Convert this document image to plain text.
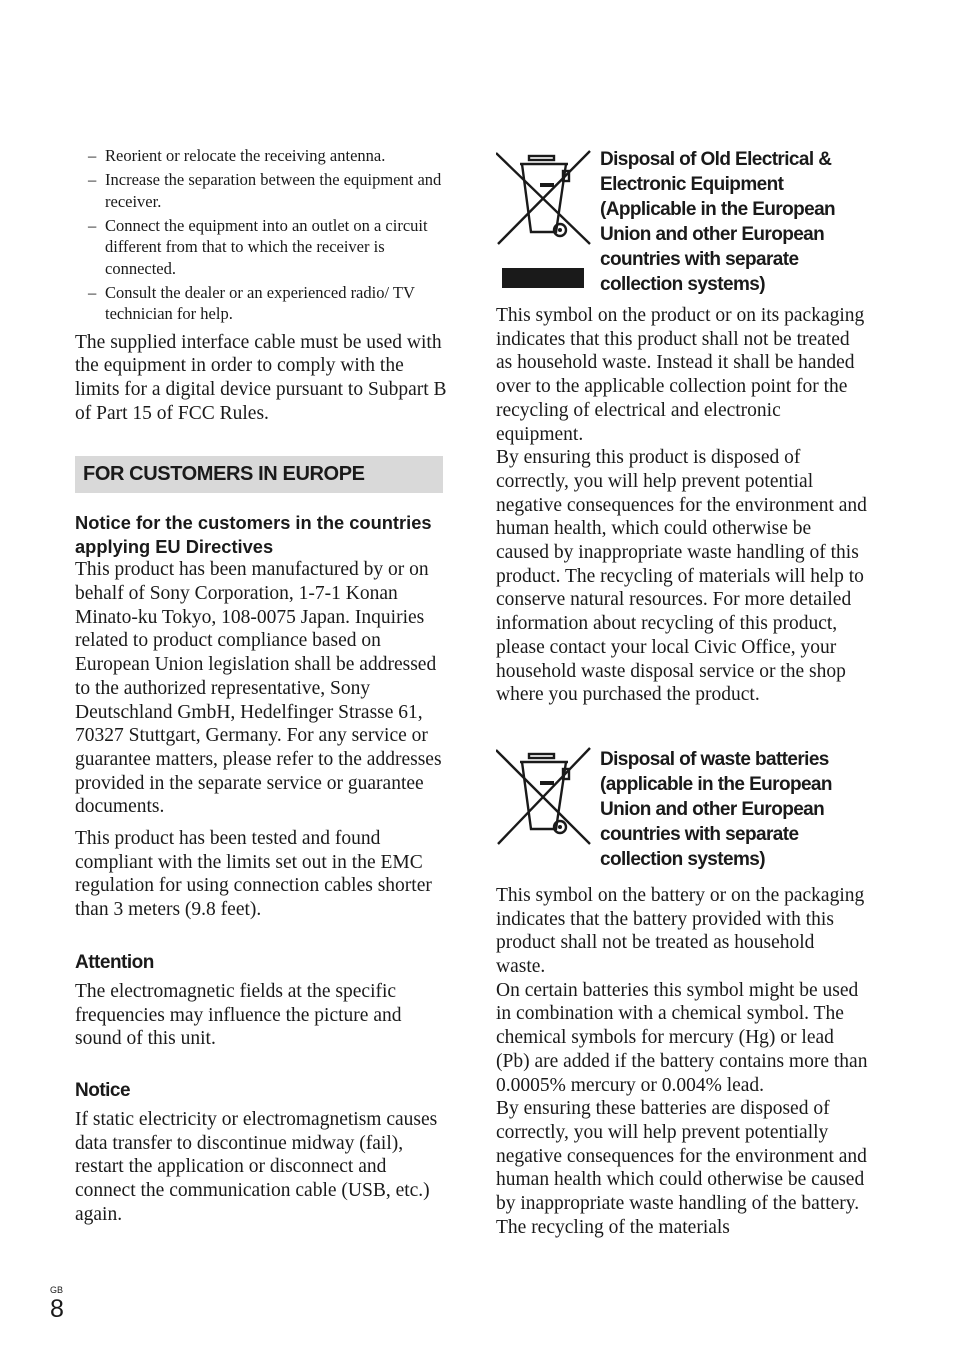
– Reorient or relocate the receiving antenna.
– Increase the separation between the equipment and receiver.
– Connect the equipment into an outlet on a circuit different from that to which the receiver is connected.
– Consult the dealer or an experienced radio/ TV technician for help.

The supplied interface cable must be used with the equipment in order to comply with the limits for a digital device pursuant to Subpart B of Part 15 of FCC Rules.

FOR CUSTOMERS IN EUROPE

Notice for the customers in the countries applying EU Directives

This product has been manufactured by or on behalf of Sony Corporation, 1-7-1 Konan Minato-ku Tokyo, 108-0075 Japan. Inquiries related to product compliance based on European Union legislation shall be addressed to the authorized representative, Sony Deutschland GmbH, Hedelfinger Strasse 61, 70327 Stuttgart, Germany. For any service or guarantee matters, please refer to the addresses provided in the separate service or guarantee documents.

This product has been tested and found compliant with the limits set out in the EMC regulation for using connection cables shorter than 3 meters (9.8 feet).

Attention

The electromagnetic fields at the specific frequencies may influence the picture and sound of this unit.

Notice

If static electricity or electromagnetism causes data transfer to discontinue midway (fail), restart the application or disconnect and connect the communication cable (USB, etc.) again.

Disposal of Old Electrical & Electronic Equipment (Applicable in the European Union and other European countries with separate collection systems)

This symbol on the product or on its packaging indicates that this product shall not be treated as household waste. Instead it shall be handed over to the applicable collection point for the recycling of electrical and electronic equipment.

By ensuring this product is disposed of correctly, you will help prevent potential negative consequences for the environment and human health, which could otherwise be caused by inappropriate waste handling of this product. The recycling of materials will help to conserve natural resources. For more detailed information about recycling of this product, please contact your local Civic Office, your household waste disposal service or the shop where you purchased the product.

Disposal of waste batteries (applicable in the European Union and other European countries with separate collection systems)

This symbol on the battery or on the packaging indicates that the battery provided with this product shall not be treated as household waste.

On certain batteries this symbol might be used in combination with a chemical symbol. The chemical symbols for mercury (Hg) or lead (Pb) are added if the battery contains more than 0.0005% mercury or 0.004% lead.

By ensuring these batteries are disposed of correctly, you will help prevent potentially negative consequences for the environment and human health which could otherwise be caused by inappropriate waste handling of the battery. The recycling of the materials

GB
8
